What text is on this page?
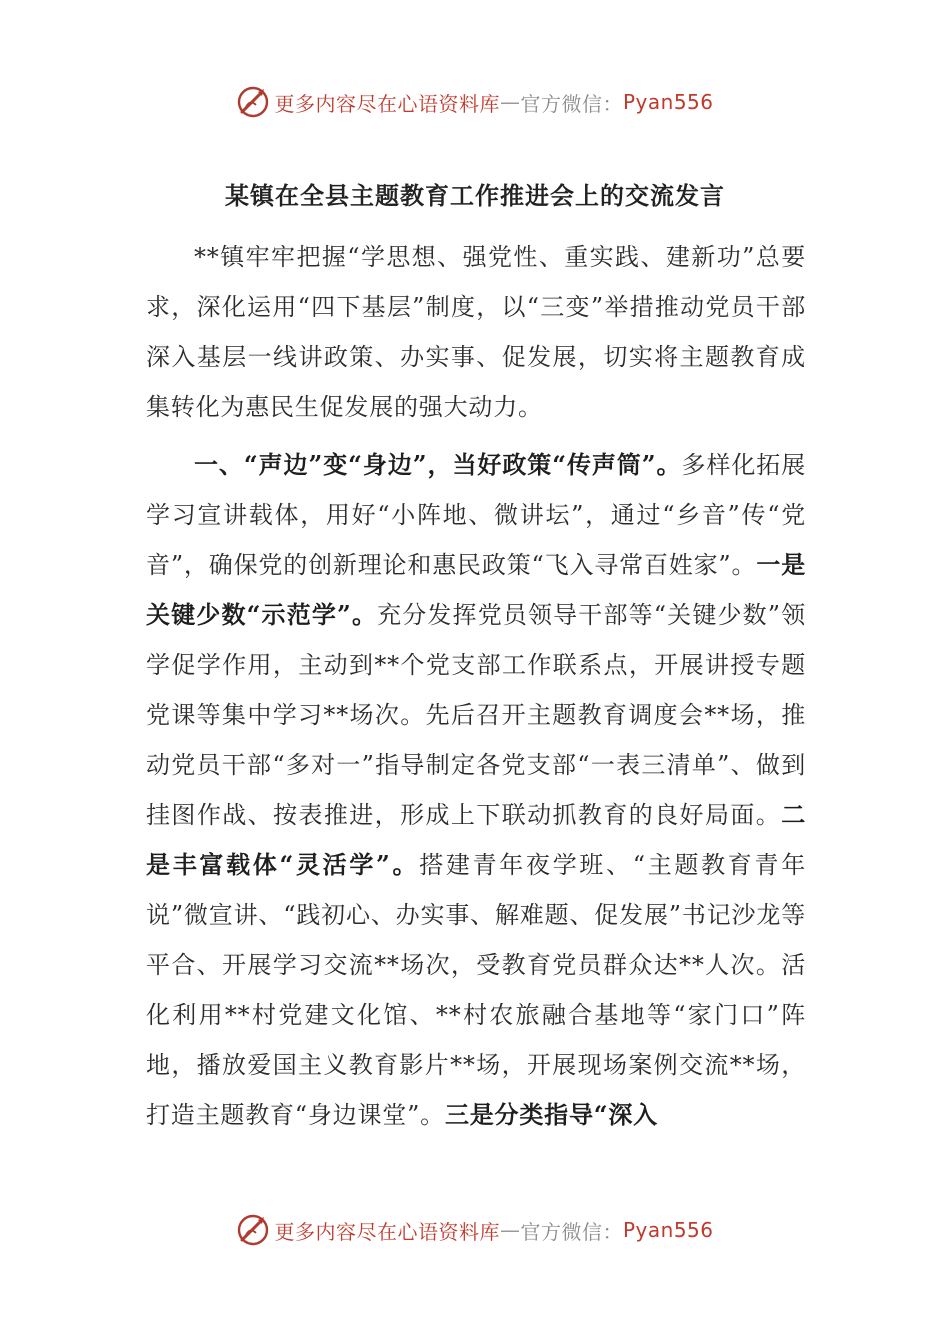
更多内容尽在心语资料库 — 官方微信： Pyan556
某镇在全县主题教育工作推进会上的交流发言

**镇牢牢把握“学思想、强党性、重实践、建新功”总要求，深化运用“四下基层”制度，以“三变”举措推动党员干部深入基层一线讲政策、办实事、促发展，切实将主题教育成集转化为惠民生促发展的强大动力。

一、“声边”变“身边”，当好政策“传声筒”。多样化拓展学习宣讲载体，用好“小阵地、微讲坛”，通过“乡音”传“党音”，确保党的创新理论和惠民政策“飞入寻常百姓家”。一是关键少数“示范学”。充分发挥党员领导干部等“关键少数”领学促学作用，主动到**个党支部工作联系点，开展讲授专题党课等集中学习**场次。先后召开主题教育调度会**场，推动党员干部“多对一”指导制定各党支部“一表三清单”、做到挂图作战、按表推进，形成上下联动抓教育的良好局面。二是丰富载体“灵活学”。搭建青年夜学班、“主题教育青年说”微宣讲、“践初心、办实事、解难题、促发展”书记沙龙等平合、开展学习交流**场次，受教育党员群众达**人次。活化利用**村党建文化馆、**村农旅融合基地等“家门口”阵地，播放爱国主义教育影片**场，开展现场案例交流**场，打造主题教育“身边课堂”。三是分类指导“深入

更多内容尽在心语资料库 — 官方微信： Pyan556
